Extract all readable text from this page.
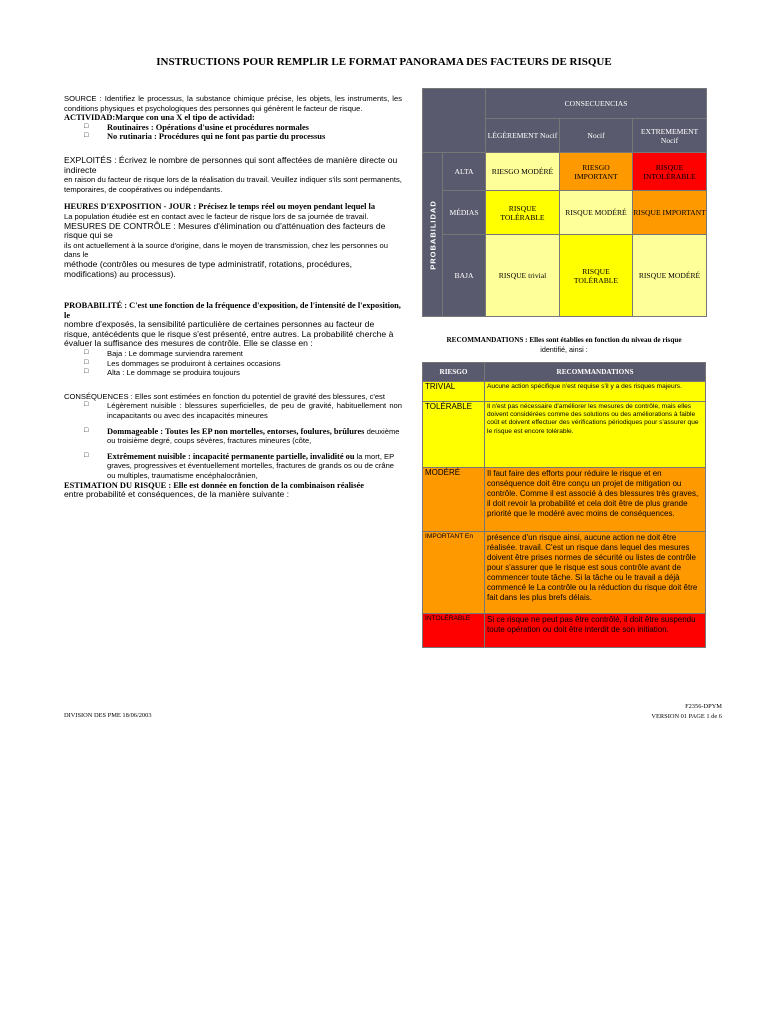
INSTRUCTIONS POUR REMPLIR LE FORMAT PANORAMA DES FACTEURS DE RISQUE

SOURCE : Identifiez le processus, la substance chimique précise, les objets, les instruments, les conditions physiques et psychologiques des personnes qui génèrent le facteur de risque.

ACTIVIDAD:Marque con una X el tipo de actividad:

□ Routinaires : Opérations d'usine et procédures normales
□ No rutinaria : Procédures qui ne font pas partie du processus

EXPLOITÉS : Écrivez le nombre de personnes qui sont affectées de manière directe ou indirecte

en raison du facteur de risque lors de la réalisation du travail. Veuillez indiquer s'ils sont permanents, temporaires, de coopératives ou indépendants.

HEURES D'EXPOSITION - JOUR : Précisez le temps réel ou moyen pendant lequel la

La population étudiée est en contact avec le facteur de risque lors de sa journée de travail.

MESURES DE CONTRÔLE : Mesures d'élimination ou d'atténuation des facteurs de risque qui se

ils ont actuellement à la source d'origine, dans le moyen de transmission, chez les personnes ou dans le

méthode (contrôles ou mesures de type administratif, rotations, procédures, modifications) au processus).

PROBABILITÉ : C'est une fonction de la fréquence d'exposition, de l'intensité de l'exposition, le

nombre d'exposés, la sensibilité particulière de certaines personnes au facteur de risque, antécédents que le risque s'est présenté, entre autres. La probabilité cherche à évaluer la suffisance des mesures de contrôle. Elle se classe en :

□ Baja : Le dommage surviendra rarement
□ Les dommages se produiront à certaines occasions
□ Alta : Le dommage se produira toujours

CONSÉQUENCES : Elles sont estimées en fonction du potentiel de gravité des blessures, c'est

□ Légèrement nuisible : blessures superficielles, de peu de gravité, habituellement non incapacitants ou avec des incapacités mineures
□ Dommageable : Toutes les EP non mortelles, entorses, foulures, brûlures deuxième ou troisième degré, coups sévères, fractures mineures (côte,
□ Extrêmement nuisible : incapacité permanente partielle, invalidité ou la mort, EP graves, progressives et éventuellement mortelles, fractures de grands os ou de crâne ou multiples, traumatisme encéphalocrânien,

ESTIMATION DU RISQUE : Elle est donnée en fonction de la combinaison réalisée

entre probabilité et conséquences, de la manière suivante :

		CONSECUENCIAS		
		LÉGÈREMENT Nocif	Nocif	EXTREMEMENT Nocif

PROBABILIDAD	ALTA	RIESGO MODÉRÉ	RIESGO IMPORTANT	RISQUE INTOLÉRABLE
	MÉDIAS	RISQUE TOLÉRABLE	RISQUE MODÉRÉ	RISQUE IMPORTANT
	BAJA	RISQUE trivial	RISQUE TOLÉRABLE	RISQUE MODÉRÉ
RECOMMANDATIONS : Elles sont établies en fonction du niveau de risque
identifié, ainsi :
RIESGO	RECOMMANDATIONS
TRIVIAL	Aucune action spécifique n'est requise s'il y a des risques majeurs.
TOLÉRABLE	Il n'est pas nécessaire d'améliorer les mesures de contrôle, mais elles doivent considérées comme des solutions ou des améliorations à faible coût et doivent effectuer des vérifications périodiques pour s'assurer que le risque est encore tolérable.
MODÉRÉ	Il faut faire des efforts pour réduire le risque et en conséquence doit être conçu un projet de mitigation ou contrôle. Comme il est associé à des blessures très graves, il doit revoir la probabilité et cela doit être de plus grande priorité que le modéré avec moins de conséquences.
IMPORTANT En	présence d'un risque ainsi, aucune action ne doit être réalisée. travail. C'est un risque dans lequel des mesures doivent être prises normes de sécurité ou listes de contrôle pour s'assurer que le risque est sous contrôle avant de commencer toute tâche. Si la tâche ou le travail a déjà commencé le La contrôle ou la réduction du risque doit être fait dans les plus brefs délais.
INTOLÉRABLE	Si ce risque ne peut pas être contrôlé, il doit être suspendu toute opération ou doit être interdit de son initiation.
DIVISION DES PME 18/06/2003
F2356-DPYM
VERSION 01 PAGE 1 de 6
